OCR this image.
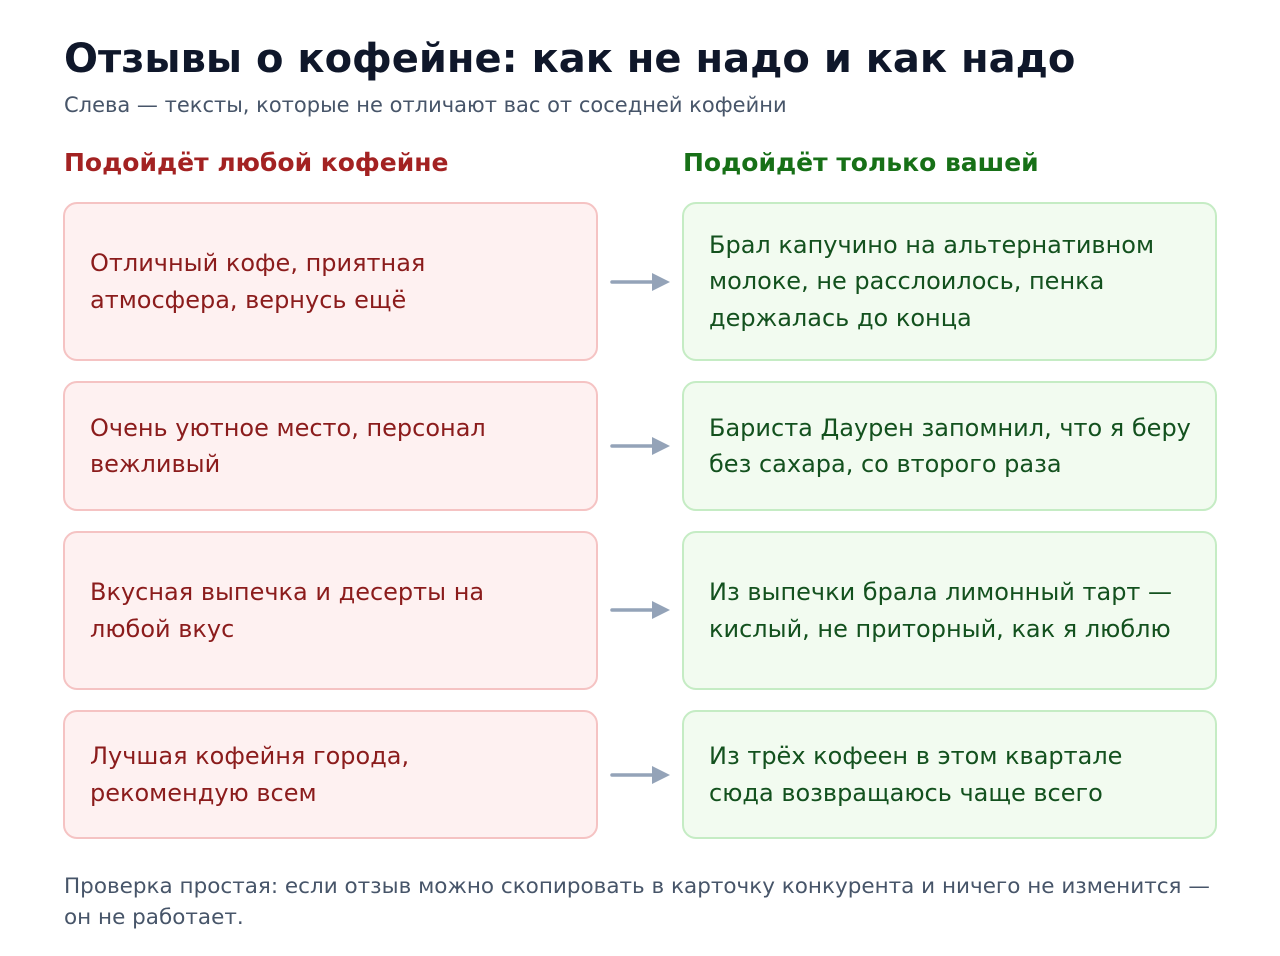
Отзывы о кофейне: как не надо и как надо

Слева — тексты, которые не отличают вас от соседней кофейни

Подойдёт любой кофейне	Подойдёт только вашей
Отличный кофе, приятная атмосфера, вернусь ещё
Брал капучино на альтернативном молоке, не расслоилось, пенка держалась до конца
Очень уютное место, персонал вежливый
Бариста Даурен запомнил, что я беру без сахара, со второго раза
Вкусная выпечка и десерты на любой вкус
Из выпечки брала лимонный тарт — кислый, не приторный, как я люблю
Лучшая кофейня города, рекомендую всем
Из трёх кофеен в этом квартале сюда возвращаюсь чаще всего

Проверка простая: если отзыв можно скопировать в карточку конкурента и ничего не изменится — он не работает.
